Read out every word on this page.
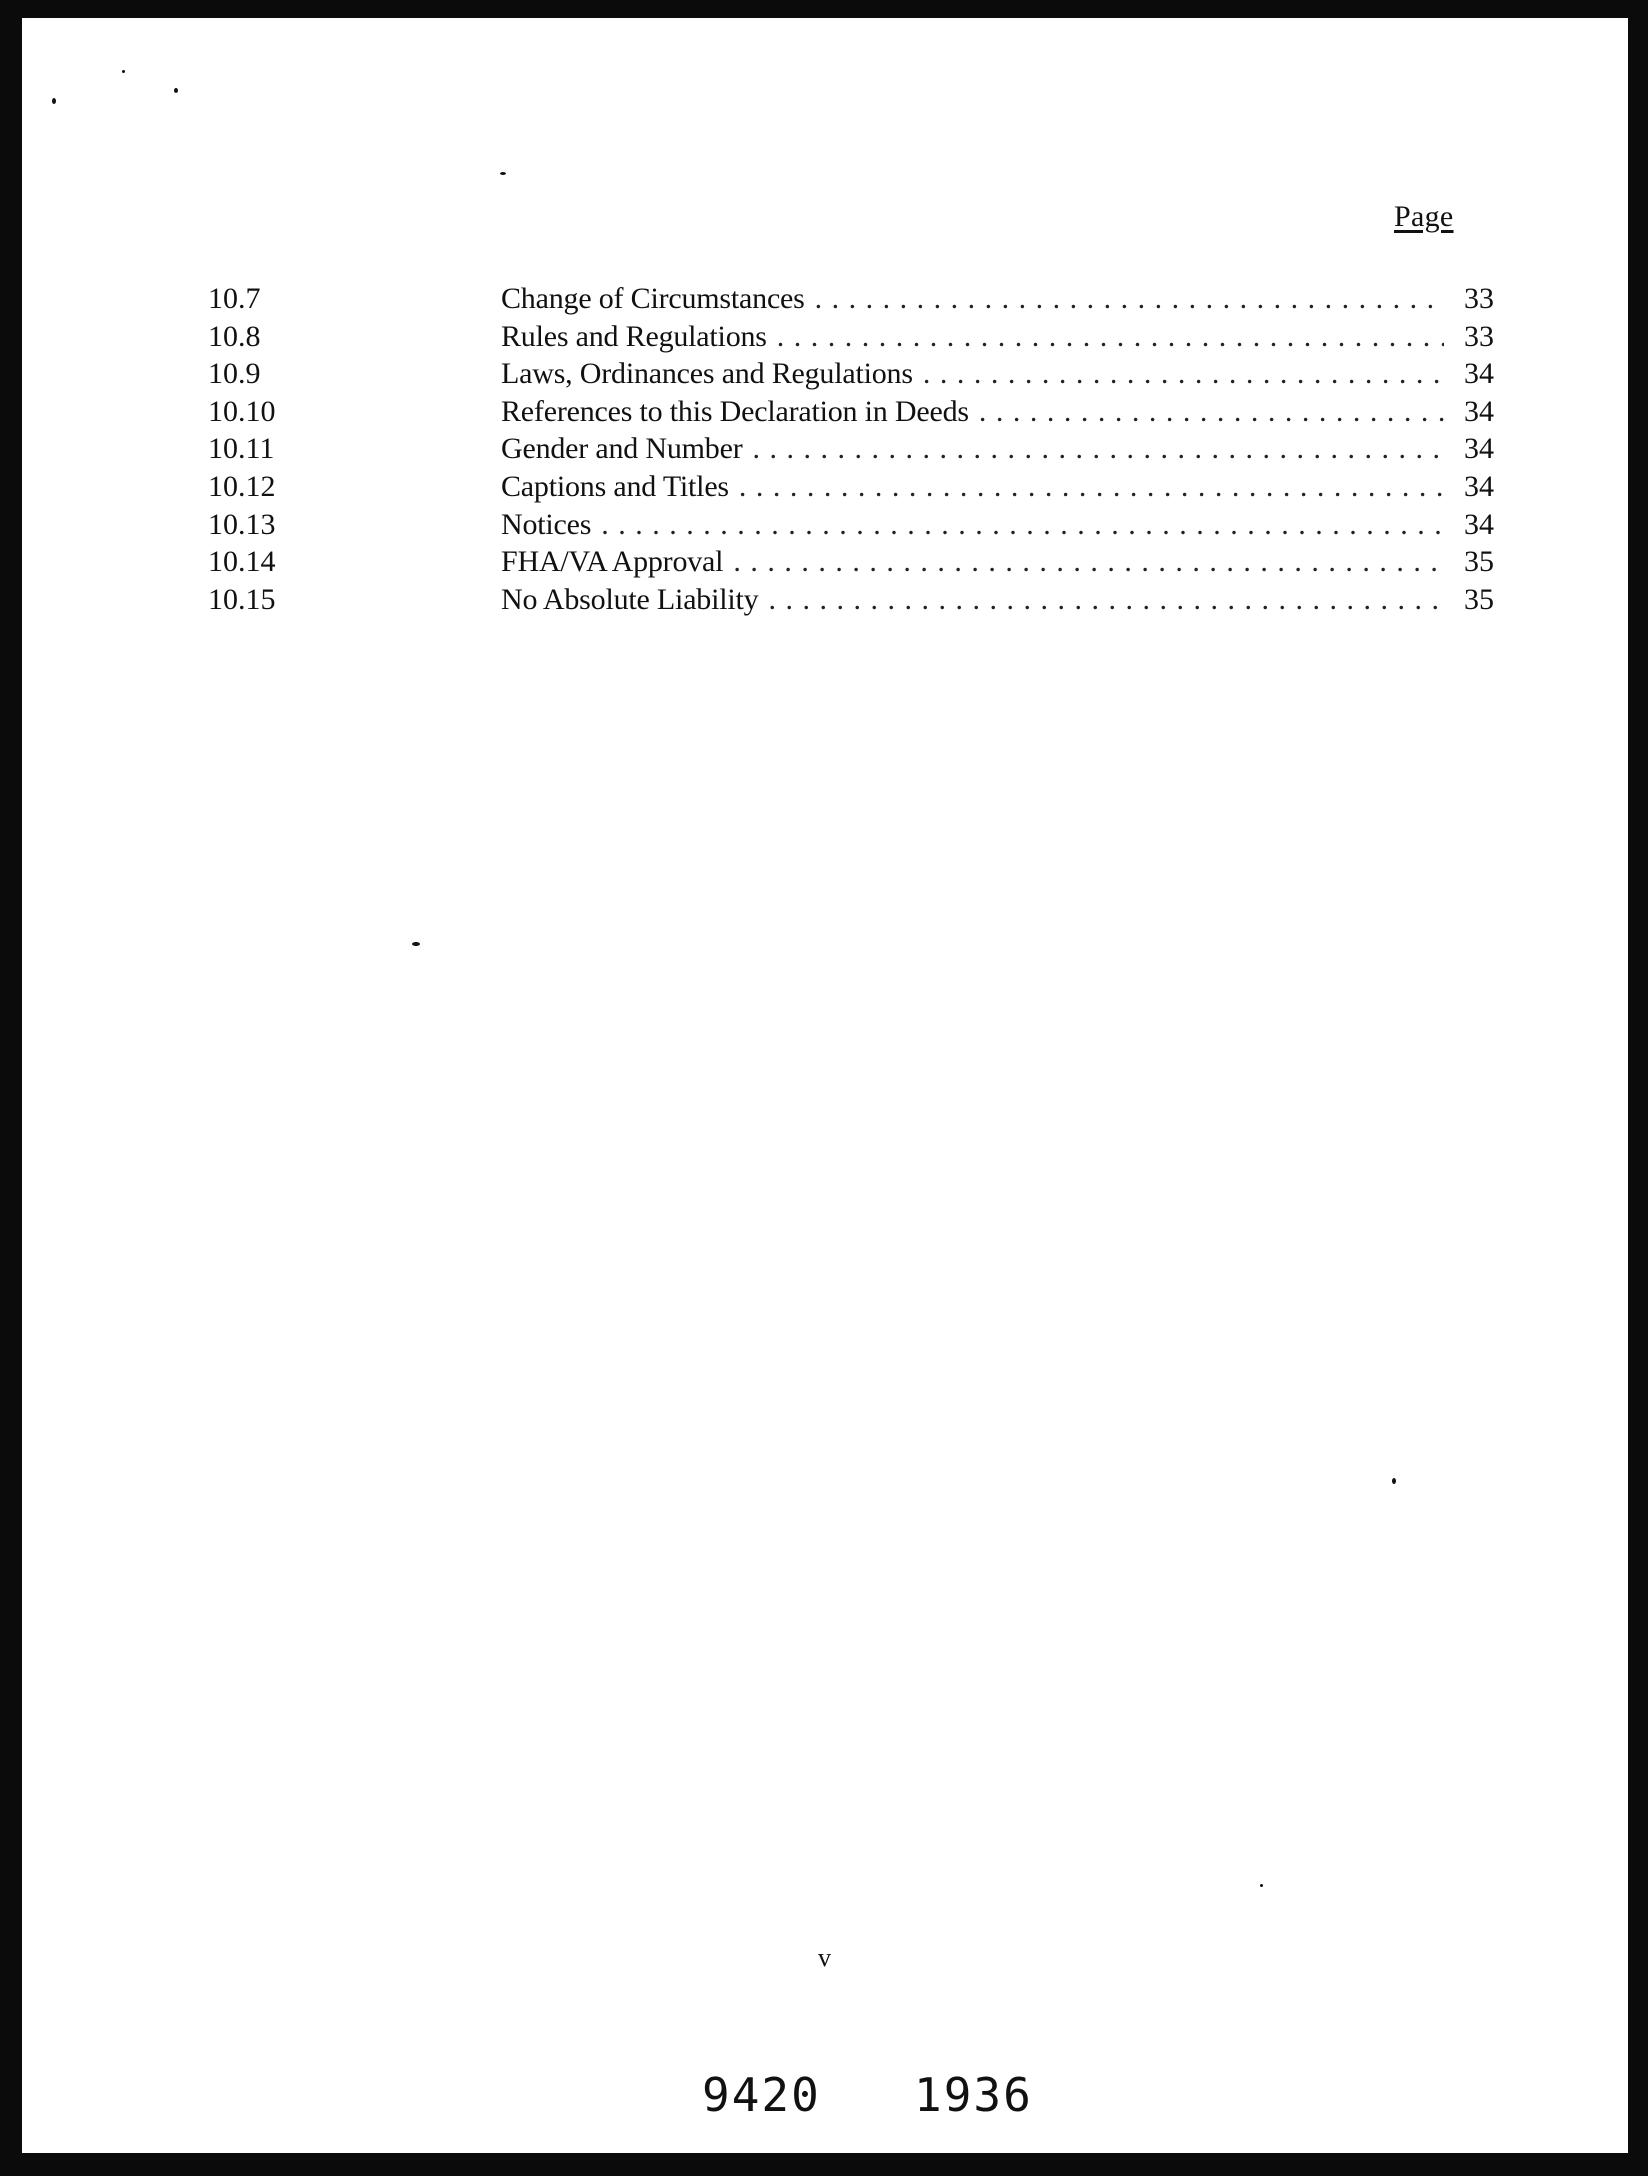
Page
10.7	Change of Circumstances . . .	33
10.8	Rules and Regulations . . .	33
10.9	Laws, Ordinances and Regulations . . .	34
10.10	References to this Declaration in Deeds . . .	34
10.11	Gender and Number . . .	34
10.12	Captions and Titles . . .	34
10.13	Notices . . .	34
10.14	FHA/VA Approval . . .	35
10.15	No Absolute Liability . . .	35
v
9420 1936
